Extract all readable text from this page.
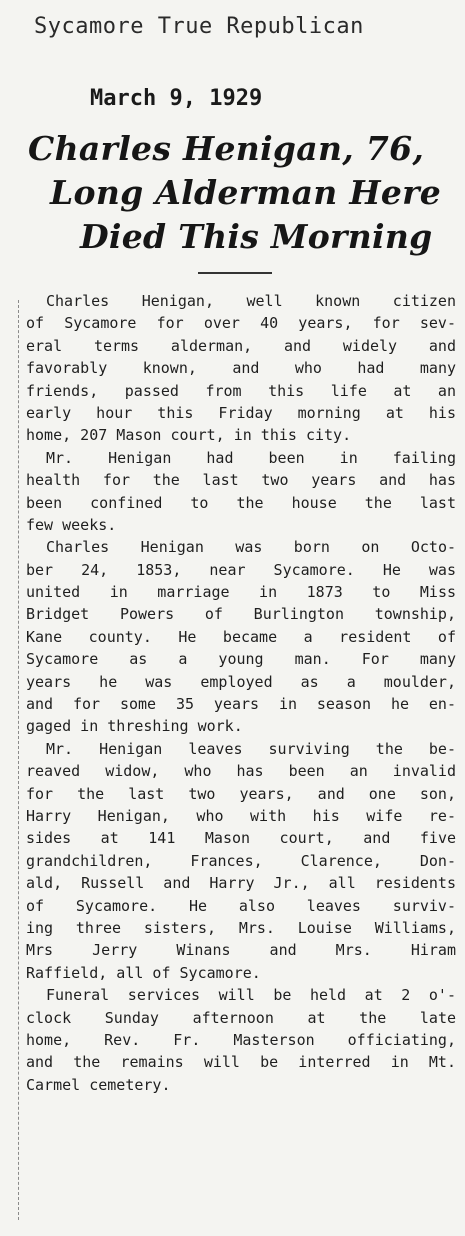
Sycamore True Republican
March 9, 1929
Charles Henigan, 76,
Long Alderman Here
Died This Morning
Charles Henigan, well known citizen
of Sycamore for over 40 years, for sev-
eral terms alderman, and widely and
favorably known, and who had many
friends, passed from this life at an
early hour this Friday morning at his
home, 207 Mason court, in this city.
Mr. Henigan had been in failing
health for the last two years and has
been confined to the house the last
few weeks.
Charles Henigan was born on Octo-
ber 24, 1853, near Sycamore. He was
united in marriage in 1873 to Miss
Bridget Powers of Burlington township,
Kane county. He became a resident of
Sycamore as a young man. For many
years he was employed as a moulder,
and for some 35 years in season he en-
gaged in threshing work.
Mr. Henigan leaves surviving the be-
reaved widow, who has been an invalid
for the last two years, and one son,
Harry Henigan, who with his wife re-
sides at 141 Mason court, and five
grandchildren, Frances, Clarence, Don-
ald, Russell and Harry Jr., all residents
of Sycamore. He also leaves surviv-
ing three sisters, Mrs. Louise Williams,
Mrs Jerry Winans and Mrs. Hiram
Raffield, all of Sycamore.
Funeral services will be held at 2 o'-
clock Sunday afternoon at the late
home, Rev. Fr. Masterson officiating,
and the remains will be interred in Mt.
Carmel cemetery.
